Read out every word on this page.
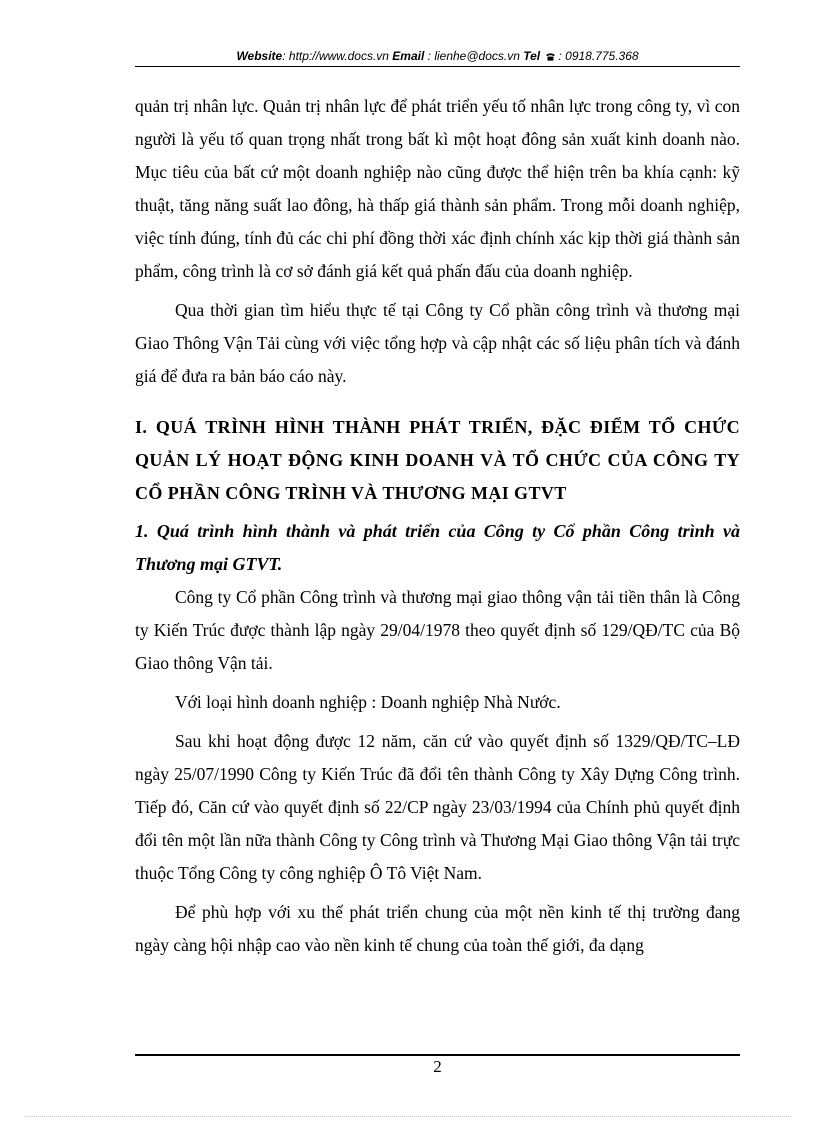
Website: http://www.docs.vn Email : lienhe@docs.vn Tel : 0918.775.368

quản trị nhân lực. Quản trị nhân lực để phát triển yếu tố nhân lực trong công ty, vì con người là yếu tố quan trọng nhất trong bất kì một hoạt đông sản xuất kinh doanh nào. Mục tiêu của bất cứ một doanh nghiệp nào cũng được thể hiện trên ba khía cạnh: kỹ thuật, tăng năng suất lao đông, hà thấp giá thành sản phẩm. Trong mỗi doanh nghiệp, việc tính đúng, tính đủ các chi phí đồng thời xác định chính xác kịp thời giá thành sản phẩm, công trình là cơ sở đánh giá kết quả phấn đấu của doanh nghiệp.

Qua thời gian tìm hiểu thực tế tại Công ty Cổ phần công trình và thương mại Giao Thông Vận Tải cùng với việc tổng hợp và cập nhật các số liệu phân tích và đánh giá để đưa ra bản báo cáo này.

I. QUÁ TRÌNH HÌNH THÀNH PHÁT TRIỂN, ĐẶC ĐIỂM TỔ CHỨC QUẢN LÝ HOẠT ĐỘNG KINH DOANH VÀ TỔ CHỨC CỦA CÔNG TY CỔ PHẦN CÔNG TRÌNH VÀ THƯƠNG MẠI GTVT
1. Quá trình hình thành và phát triển của Công ty Cổ phần Công trình và Thương mại GTVT.

Công ty Cổ phần Công trình và thương mại giao thông vận tải tiền thân là Công ty Kiến Trúc được thành lập ngày 29/04/1978 theo quyết định số 129/QĐ/TC của Bộ Giao thông Vận tải.

Với loại hình doanh nghiệp : Doanh nghiệp Nhà Nước.

Sau khi hoạt động được 12 năm, căn cứ vào quyết định số 1329/QĐ/TC–LĐ ngày 25/07/1990 Công ty Kiến Trúc đã đổi tên thành Công ty Xây Dựng Công trình. Tiếp đó, Căn cứ vào quyết định số 22/CP ngày 23/03/1994 của Chính phủ quyết định đổi tên một lần nữa thành Công ty Công trình và Thương Mại Giao thông Vận tải trực thuộc Tổng Công ty công nghiệp Ô Tô Việt Nam.

Để phù hợp với xu thế phát triển chung của một nền kinh tế thị trường đang ngày càng hội nhập cao vào nền kinh tế chung của toàn thế giới, đa dạng

2
